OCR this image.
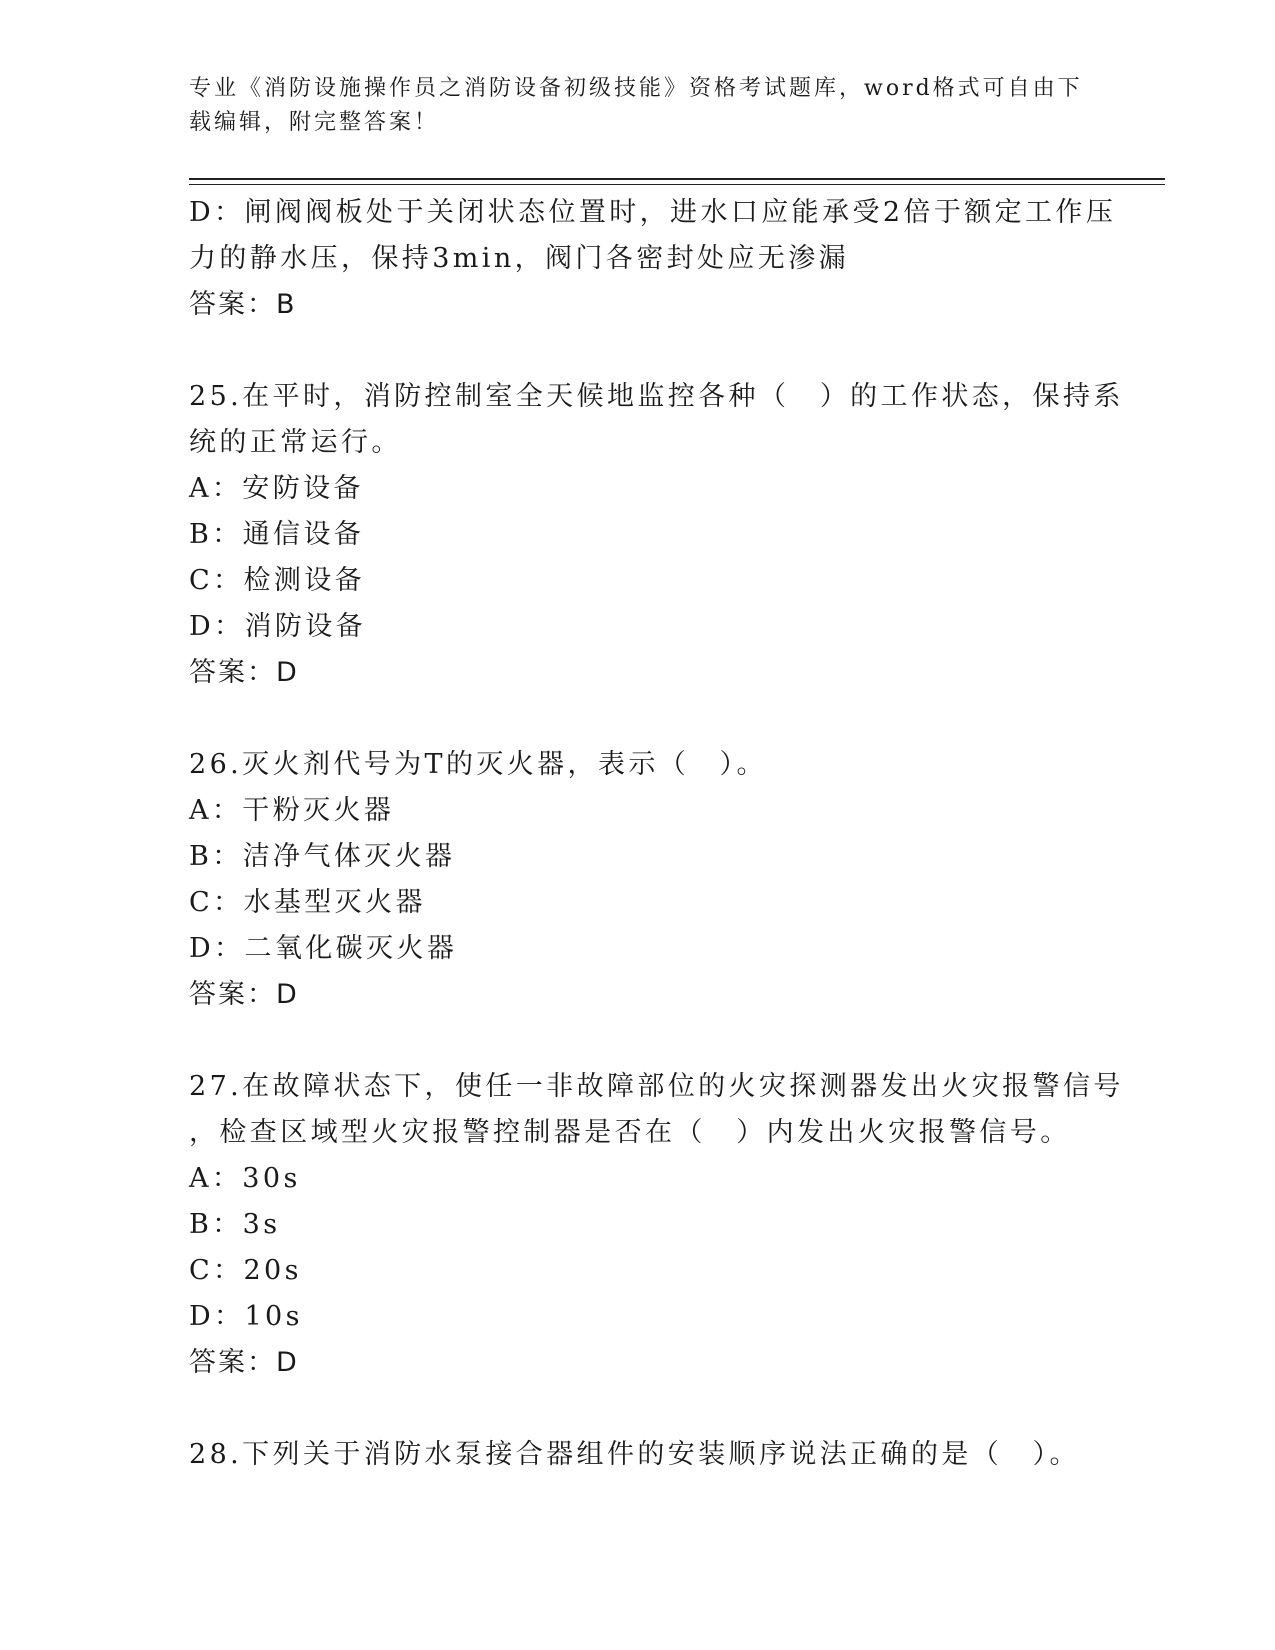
专业《消防设施操作员之消防设备初级技能》资格考试题库，word格式可自由下
载编辑，附完整答案！
D：闸阀阀板处于关闭状态位置时，进水口应能承受2倍于额定工作压
力的静水压，保持3min，阀门各密封处应无渗漏
答案：B
25.在平时，消防控制室全天候地监控各种（　）的工作状态，保持系
统的正常运行。
A：安防设备
B：通信设备
C：检测设备
D：消防设备
答案：D
26.灭火剂代号为T的灭火器，表示（　）。
A：干粉灭火器
B：洁净气体灭火器
C：水基型灭火器
D：二氧化碳灭火器
答案：D
27.在故障状态下，使任一非故障部位的火灾探测器发出火灾报警信号
，检查区域型火灾报警控制器是否在（　）内发出火灾报警信号。
A：30s
B：3s
C：20s
D：10s
答案：D
28.下列关于消防水泵接合器组件的安装顺序说法正确的是（　）。
